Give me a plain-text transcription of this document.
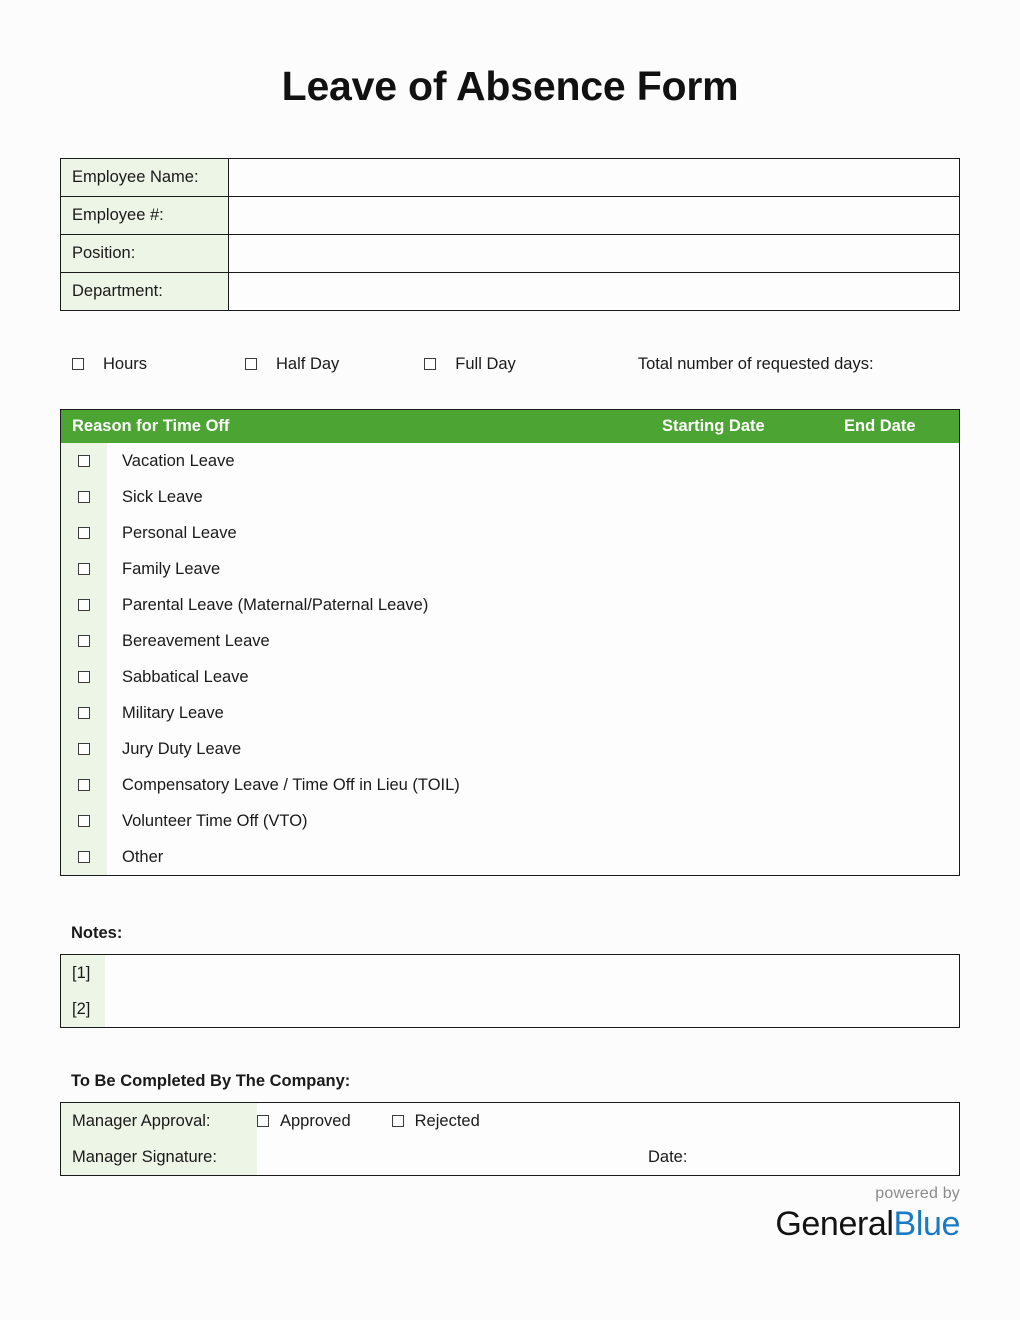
Leave of Absence Form
Employee Name:	
Employee #:	
Position:	
Department:	
Hours	Half Day	Full Day	Total number of requested days:
Reason for Time Off	Starting Date	End Date
Vacation Leave
Sick Leave
Personal Leave
Family Leave
Parental Leave (Maternal/Paternal Leave)
Bereavement Leave
Sabbatical Leave
Military Leave
Jury Duty Leave
Compensatory Leave / Time Off in Lieu (TOIL)
Volunteer Time Off (VTO)
Other
Notes:
[1]
[2]
To Be Completed By The Company:
Manager Approval:	Approved	Rejected
Manager Signature:	Date:
powered by
GeneralBlue
